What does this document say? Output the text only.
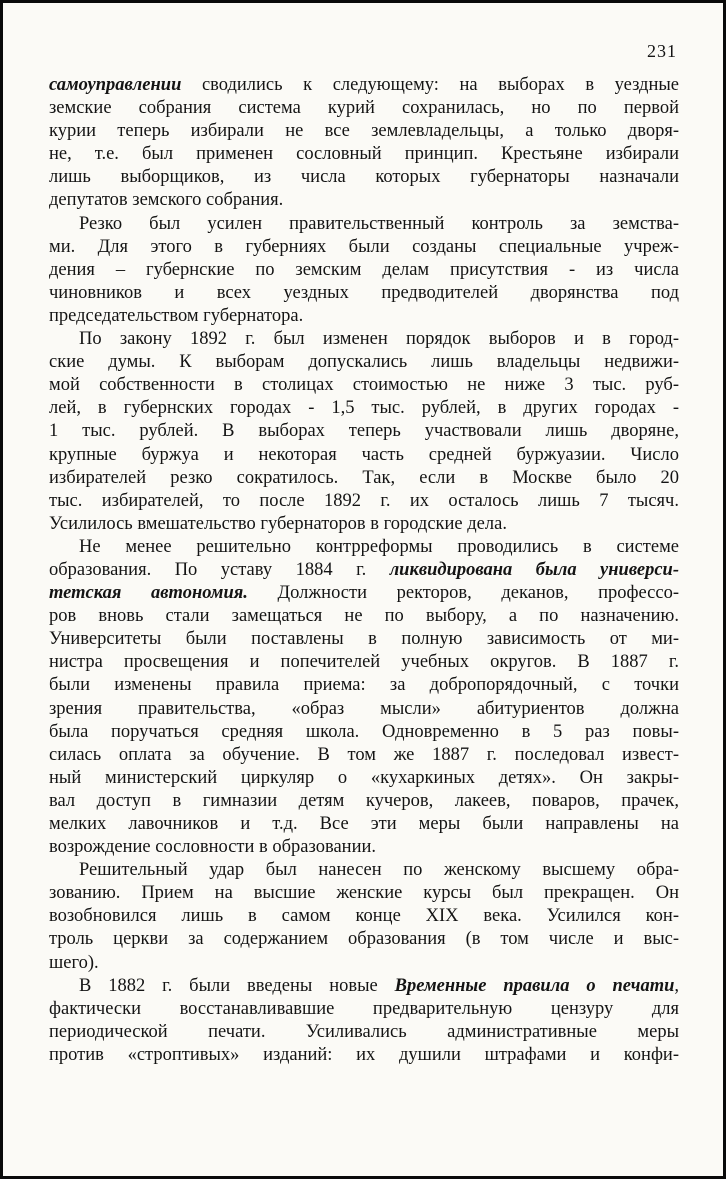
231
самоуправлении сводились к следующему: на выборах в уездные
земские собрания система курий сохранилась, но по первой
курии теперь избирали не все землевладельцы, а только дворя-
не, т.е. был применен сословный принцип. Крестьяне избирали
лишь выборщиков, из числа которых губернаторы назначали
депутатов земского собрания.
Резко был усилен правительственный контроль за земства-
ми. Для этого в губерниях были созданы специальные учреж-
дения – губернские по земским делам присутствия - из числа
чиновников и всех уездных предводителей дворянства под
председательством губернатора.
По закону 1892 г. был изменен порядок выборов и в город-
ские думы. К выборам допускались лишь владельцы недвижи-
мой собственности в столицах стоимостью не ниже 3 тыс. руб-
лей, в губернских городах - 1,5 тыс. рублей, в других городах -
1 тыс. рублей. В выборах теперь участвовали лишь дворяне,
крупные буржуа и некоторая часть средней буржуазии. Число
избирателей резко сократилось. Так, если в Москве было 20
тыс. избирателей, то после 1892 г. их осталось лишь 7 тысяч.
Усилилось вмешательство губернаторов в городские дела.
Не менее решительно контрреформы проводились в системе
образования. По уставу 1884 г. ликвидирована была универси-
тетская автономия. Должности ректоров, деканов, профессо-
ров вновь стали замещаться не по выбору, а по назначению.
Университеты были поставлены в полную зависимость от ми-
нистра просвещения и попечителей учебных округов. В 1887 г.
были изменены правила приема: за добропорядочный, с точки
зрения правительства, «образ мысли» абитуриентов должна
была поручаться средняя школа. Одновременно в 5 раз повы-
силась оплата за обучение. В том же 1887 г. последовал извест-
ный министерский циркуляр о «кухаркиных детях». Он закры-
вал доступ в гимназии детям кучеров, лакеев, поваров, прачек,
мелких лавочников и т.д. Все эти меры были направлены на
возрождение сословности в образовании.
Решительный удар был нанесен по женскому высшему обра-
зованию. Прием на высшие женские курсы был прекращен. Он
возобновился лишь в самом конце XIX века. Усилился кон-
троль церкви за содержанием образования (в том числе и выс-
шего).
В 1882 г. были введены новые Временные правила о печати,
фактически восстанавливавшие предварительную цензуру для
периодической печати. Усиливались административные меры
против «строптивых» изданий: их душили штрафами и конфи-
